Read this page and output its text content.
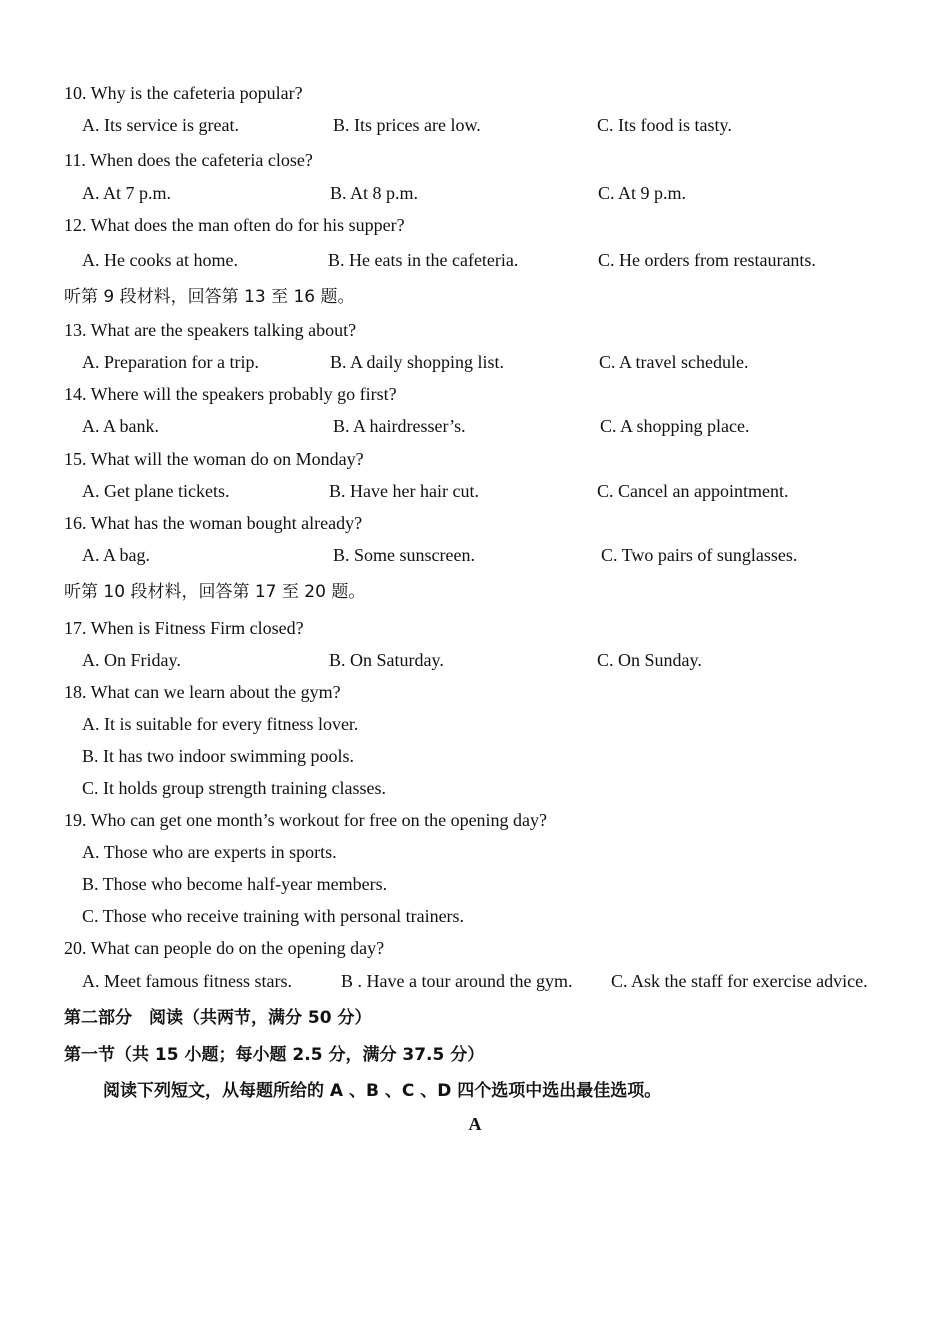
10. Why is the cafeteria popular?
A. Its service is great.	B. Its prices are low.	C. Its food is tasty.
11. When does the cafeteria close?
A. At 7 p.m.	B. At 8 p.m.	C. At 9 p.m.
12. What does the man often do for his supper?
A. He cooks at home.	B. He eats in the cafeteria.	C. He orders from restaurants.
听第 9 段材料，回答第 13 至 16 题。
13. What are the speakers talking about?
A. Preparation for a trip.	B. A daily shopping list.	C. A travel schedule.
14. Where will the speakers probably go first?
A. A bank.	B. A hairdresser’s.	C. A shopping place.
15. What will the woman do on Monday?
A. Get plane tickets.	B. Have her hair cut.	C. Cancel an appointment.
16. What has the woman bought already?
A. A bag.	B. Some sunscreen.	C. Two pairs of sunglasses.
听第 10 段材料，回答第 17 至 20 题。
17. When is Fitness Firm closed?
A. On Friday.	B. On Saturday.	C. On Sunday.
18. What can we learn about the gym?
A. It is suitable for every fitness lover.
B. It has two indoor swimming pools.
C. It holds group strength training classes.
19. Who can get one month’s workout for free on the opening day?
A. Those who are experts in sports.
B. Those who become half-year members.
C. Those who receive training with personal trainers.
20. What can people do on the opening day?
A. Meet famous fitness stars.	B . Have a tour around the gym. C. Ask the staff for exercise advice.
第二部分　阅读（共两节，满分 50 分）
第一节（共 15 小题；每小题 2.5 分，满分 37.5 分）
阅读下列短文，从每题所给的 A 、B 、C 、D 四个选项中选出最佳选项。
A
